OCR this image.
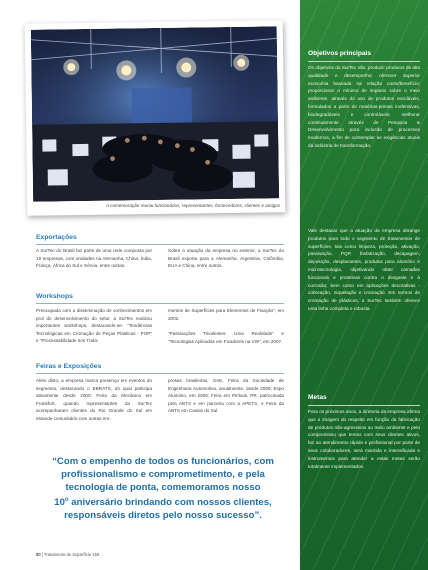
A comemoração reuniu funcionários, representantes, fornecedores, clientes e amigos
Objetivos principais
Os objetivos da SurTec são: produzir produtos de alta qualidade e desempenho; oferecer superior economia baseada na relação custo/benefício; proporcionar o mínimo de impacto sobre o meio ambiente, através do uso de produtos recicláveis, formulados a partir de matérias-primas inofensivas, biodegradáveis e controláveis; melhorar continuamente através de Pesquisa & Desenvolvimento para inclusão de processos modernos, a fim de contemplar as exigências atuais da indústria de transformação.
Vale destacar que a atuação da empresa abrange produtos para todo o segmento de tratamentos de superfícies, tais como limpeza, proteção, ativação, passivação, PQP, fosfatização, decapagem, deposição, desplacantes, produtos para alumínio e microtecnologia, objetivando obter camadas funcionais e protetivas contra o desgaste e à corrosão, bem como em aplicações decorativas - cobreação, niquelação e cromação. Em termos de cromação de plásticos, a SurTec também oferece uma linha completa e robusta.
Metas
Para os próximos anos, a diretoria da empresa afirma que a imagem do respeito em função da fabricação de produtos não-agressivos ao meio ambiente e pelo compromisso que temos com seus clientes ativos, faz ao atendimento rápido e profissional por parte de seus colaboradores, será mantida e intensificada e instrumentos para atender a estas metas serão totalmente implementados.
Exportações
A SurTec do Brasil faz parte de uma rede composta por 19 empresas, com unidades na Alemanha, China, Índia, França, África do Sul e Sérvia, entre outras.
Sobre a atuação da empresa no exterior, a SurTec do Brasil exporta para a Alemanha, Argentina, Colômbia, EUA e China, entre outros.
Workshops
Preocupada com a disseminação de conhecimentos em prol do desenvolvimento do setor, a SurTec realizou importantes workshops, destacando-se: "Tendências Tecnológicas em Cromação de Peças Plásticas - POP" e "Processabilidade nos Trata-
mentos de Superfícies para Elementos de Fixação", em 2002.
"Passivações Trivalentes: Uma Realidade" e "Tecnologias Aplicadas em Fixadores na VW", em 2007.
Feiras e Exposições
Além disto, a empresa marca presença em eventos do segmento, destacando o EBRATS, do qual participa ativamente desde 2000; Feira da Mecânica em Frankfurt, quando representantes da SurTec acompanharam clientes do Rio Grande do Sul em estande comunitário com outras em-
presas brasileiras, SAE, Feira da Sociedade de Engenharia Automotiva, anualmente, desde 2005; Expo Alumínio, em 2006; Feira em Pinhais, PR, patrocinada pela ABTS e em parceria com a APETS, e Feira da ABTS em Caxias do Sul.
“Com o empenho de todos os funcionários, com
profissionalismo e comprometimento, e pela
tecnologia de ponta, comemoramos nosso
10$^o$ aniversário brindando com nossos clientes,
responsáveis diretos pelo nosso sucesso”.
80 | Tratamento de Superfície 155
